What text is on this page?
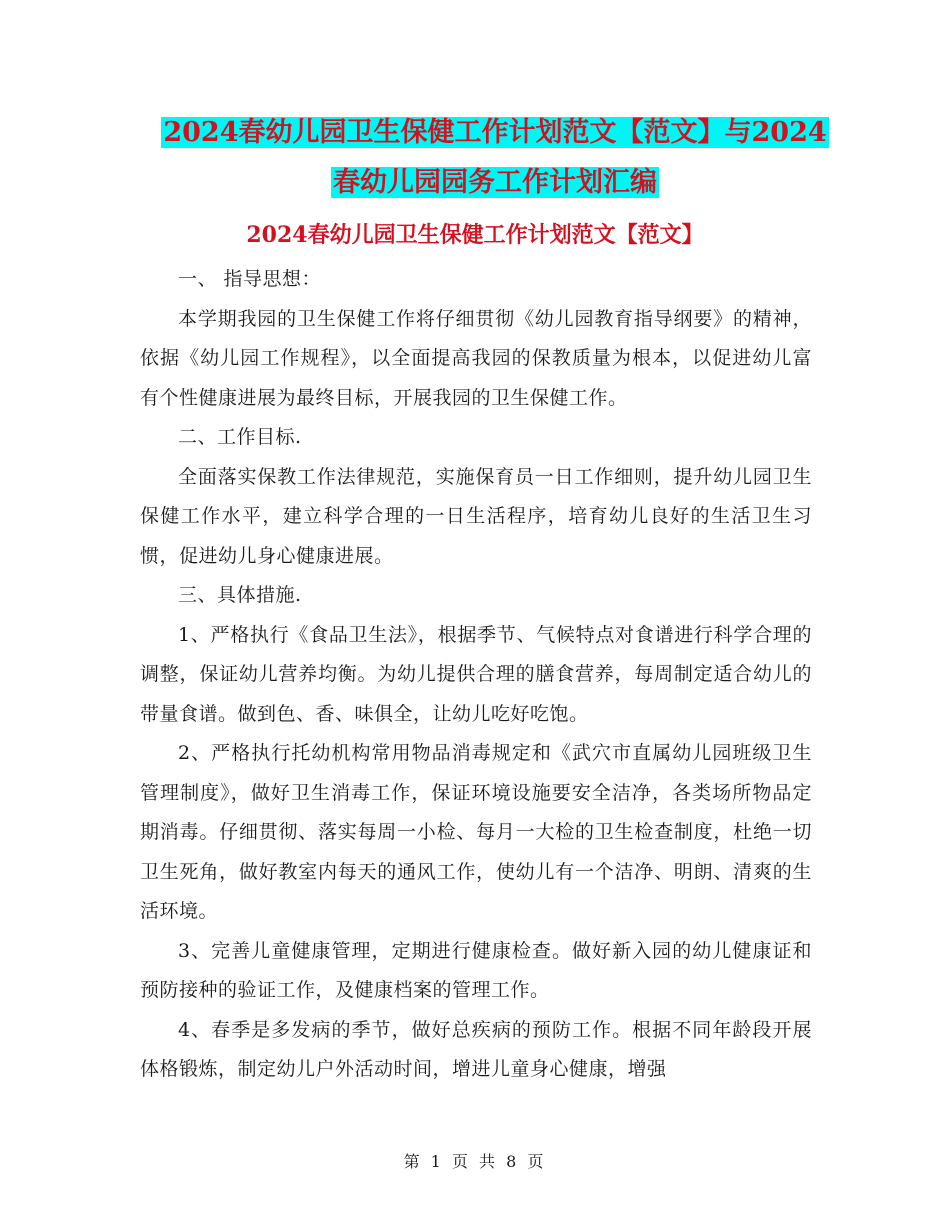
2024春幼儿园卫生保健工作计划范文【范文】与2024
春幼儿园园务工作计划汇编
2024春幼儿园卫生保健工作计划范文【范文】

一、 指导思想：

本学期我园的卫生保健工作将仔细贯彻《幼儿园教育指导纲要》的精神，依据《幼儿园工作规程》，以全面提高我园的保教质量为根本，以促进幼儿富有个性健康进展为最终目标，开展我园的卫生保健工作。

二、工作目标.

全面落实保教工作法律规范，实施保育员一日工作细则，提升幼儿园卫生保健工作水平，建立科学合理的一日生活程序，培育幼儿良好的生活卫生习惯，促进幼儿身心健康进展。

三、具体措施.

1、严格执行《食品卫生法》，根据季节、气候特点对食谱进行科学合理的调整，保证幼儿营养均衡。为幼儿提供合理的膳食营养，每周制定适合幼儿的带量食谱。做到色、香、味俱全，让幼儿吃好吃饱。

2、严格执行托幼机构常用物品消毒规定和《武穴市直属幼儿园班级卫生管理制度》，做好卫生消毒工作，保证环境设施要安全洁净，各类场所物品定期消毒。仔细贯彻、落实每周一小检、每月一大检的卫生检查制度，杜绝一切卫生死角，做好教室内每天的通风工作，使幼儿有一个洁净、明朗、清爽的生活环境。

3、完善儿童健康管理，定期进行健康检查。做好新入园的幼儿健康证和预防接种的验证工作，及健康档案的管理工作。

4、春季是多发病的季节，做好总疾病的预防工作。根据不同年龄段开展体格锻炼，制定幼儿户外活动时间，增进儿童身心健康，增强

第 1 页 共 8 页
